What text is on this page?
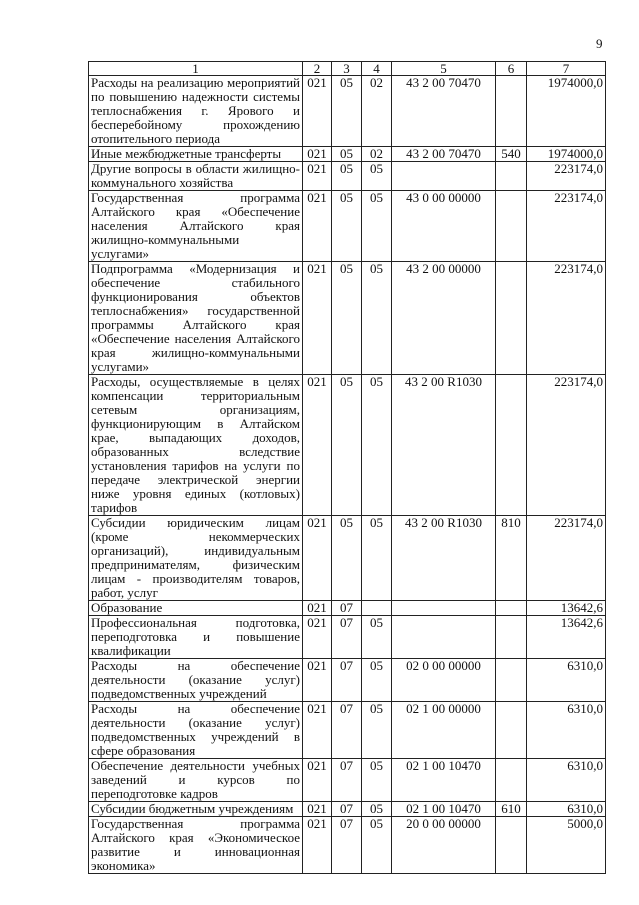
9
1	2	3	4	5	6	7
Расходы на реализацию мероприятий по повышению надежности системы теплоснабжения г. Ярового и бесперебойному прохождению отопительного периода	021	05	02	43 2 00 70470		1974000,0
Иные межбюджетные трансферты	021	05	02	43 2 00 70470	540	1974000,0
Другие вопросы в области жилищно-коммунального хозяйства	021	05	05			223174,0
Государственная программа Алтайского края «Обеспечение населения Алтайского края жилищно-коммунальными услугами»	021	05	05	43 0 00 00000		223174,0
Подпрограмма «Модернизация и обеспечение стабильного функционирования объектов теплоснабжения» государственной программы Алтайского края «Обеспечение населения Алтайского края жилищно-коммунальными услугами»	021	05	05	43 2 00 00000		223174,0
Расходы, осуществляемые в целях компенсации территориальным сетевым организациям, функционирующим в Алтайском крае, выпадающих доходов, образованных вследствие установления тарифов на услуги по передаче электрической энергии ниже уровня единых (котловых) тарифов	021	05	05	43 2 00 R1030		223174,0
Субсидии юридическим лицам (кроме некоммерческих организаций), индивидуальным предпринимателям, физическим лицам - производителям товаров, работ, услуг	021	05	05	43 2 00 R1030	810	223174,0
Образование	021	07				13642,6
Профессиональная подготовка, переподготовка и повышение квалификации	021	07	05			13642,6
Расходы на обеспечение деятельности (оказание услуг) подведомственных учреждений	021	07	05	02 0 00 00000		6310,0
Расходы на обеспечение деятельности (оказание услуг) подведомственных учреждений в сфере образования	021	07	05	02 1 00 00000		6310,0
Обеспечение деятельности учебных заведений и курсов по переподготовке кадров	021	07	05	02 1 00 10470		6310,0
Субсидии бюджетным учреждениям	021	07	05	02 1 00 10470	610	6310,0
Государственная программа Алтайского края «Экономическое развитие и инновационная экономика»	021	07	05	20 0 00 00000		5000,0
